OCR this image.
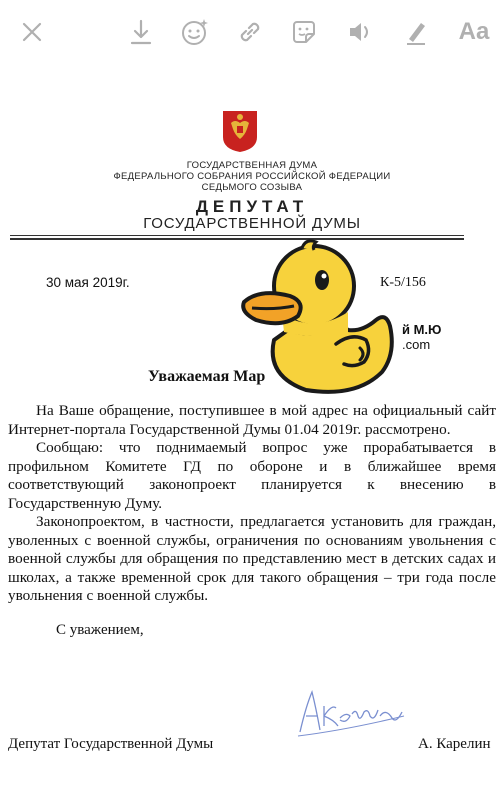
Aa
ГОСУДАРСТВЕННАЯ ДУМА
ФЕДЕРАЛЬНОГО СОБРАНИЯ РОССИЙСКОЙ ФЕДЕРАЦИИ
СЕДЬМОГО СОЗЫВА
ДЕПУТАТ
ГОСУДАРСТВЕННОЙ ДУМЫ
30 мая 2019г.	К-5/156
й М.Ю
.com
Уважаемая Мар

На Ваше обращение, поступившее в мой адрес на официальный сайт Интернет-портала Государственной Думы 01.04 2019г. рассмотрено.

Сообщаю: что поднимаемый вопрос уже прорабатывается в профильном Комитете ГД по обороне и в ближайшее время соответствующий законопроект планируется к внесению в Государственную Думу.

Законопроектом, в частности, предлагается установить для граждан, уволенных с военной службы, ограничения по основаниям увольнения с военной службы для обращения по представлению мест в детских садах и школах, а также временной срок для такого обращения – три года после увольнения с военной службы.

С уважением,
Депутат Государственной Думы	А. Карелин
